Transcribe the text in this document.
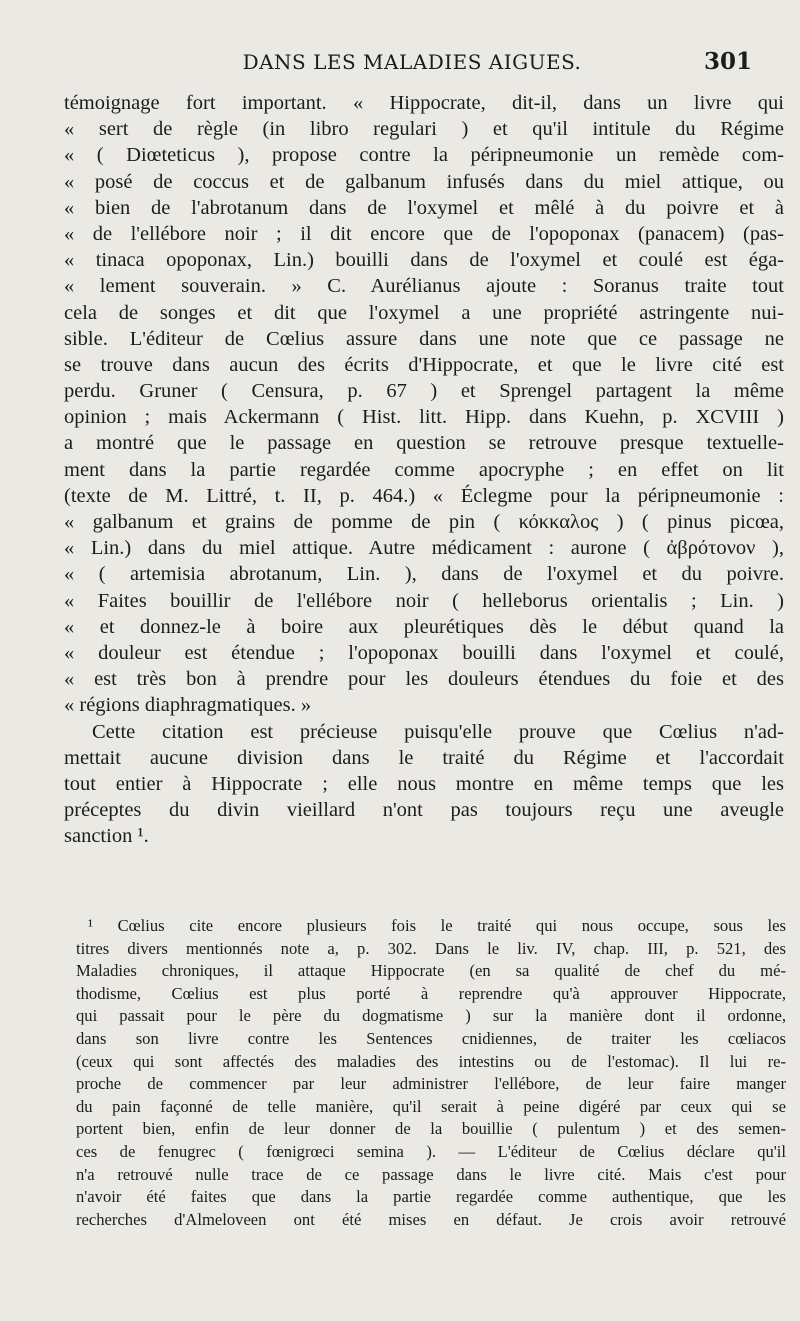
DANS LES MALADIES AIGUES.	301
témoignage fort important. « Hippocrate, dit-il, dans un livre qui
« sert de règle (in libro regulari ) et qu'il intitule du Régime
« ( Diœteticus ), propose contre la péripneumonie un remède com-
« posé de coccus et de galbanum infusés dans du miel attique, ou
« bien de l'abrotanum dans de l'oxymel et mêlé à du poivre et à
« de l'ellébore noir ; il dit encore que de l'opoponax (panacem) (pas-
« tinaca opoponax, Lin.) bouilli dans de l'oxymel et coulé est éga-
« lement souverain. » C. Aurélianus ajoute : Soranus traite tout
cela de songes et dit que l'oxymel a une propriété astringente nui-
sible. L'éditeur de Cœlius assure dans une note que ce passage ne
se trouve dans aucun des écrits d'Hippocrate, et que le livre cité est
perdu. Gruner ( Censura, p. 67 ) et Sprengel partagent la même
opinion ; mais Ackermann ( Hist. litt. Hipp. dans Kuehn, p. XCVIII )
a montré que le passage en question se retrouve presque textuelle-
ment dans la partie regardée comme apocryphe ; en effet on lit
(texte de M. Littré, t. II, p. 464.) « Éclegme pour la péripneumonie :
« galbanum et grains de pomme de pin ( κόκκαλος ) ( pinus picœa,
« Lin.) dans du miel attique. Autre médicament : aurone ( ἀβρότονον ),
« ( artemisia abrotanum, Lin. ), dans de l'oxymel et du poivre.
« Faites bouillir de l'ellébore noir ( helleborus orientalis ; Lin. )
« et donnez-le à boire aux pleurétiques dès le début quand la
« douleur est étendue ; l'opoponax bouilli dans l'oxymel et coulé,
« est très bon à prendre pour les douleurs étendues du foie et des
« régions diaphragmatiques. »
Cette citation est précieuse puisqu'elle prouve que Cœlius n'ad-
mettait aucune division dans le traité du Régime et l'accordait
tout entier à Hippocrate ; elle nous montre en même temps que les
préceptes du divin vieillard n'ont pas toujours reçu une aveugle
sanction ¹.
¹ Cœlius cite encore plusieurs fois le traité qui nous occupe, sous les
titres divers mentionnés note a, p. 302. Dans le liv. IV, chap. III, p. 521, des
Maladies chroniques, il attaque Hippocrate (en sa qualité de chef du mé-
thodisme, Cœlius est plus porté à reprendre qu'à approuver Hippocrate,
qui passait pour le père du dogmatisme ) sur la manière dont il ordonne,
dans son livre contre les Sentences cnidiennes, de traiter les cœliacos
(ceux qui sont affectés des maladies des intestins ou de l'estomac). Il lui re-
proche de commencer par leur administrer l'ellébore, de leur faire manger
du pain façonné de telle manière, qu'il serait à peine digéré par ceux qui se
portent bien, enfin de leur donner de la bouillie ( pulentum ) et des semen-
ces de fenugrec ( fœnigrœci semina ). — L'éditeur de Cœlius déclare qu'il
n'a retrouvé nulle trace de ce passage dans le livre cité. Mais c'est pour
n'avoir été faites que dans la partie regardée comme authentique, que les
recherches d'Almeloveen ont été mises en défaut. Je crois avoir retrouvé
